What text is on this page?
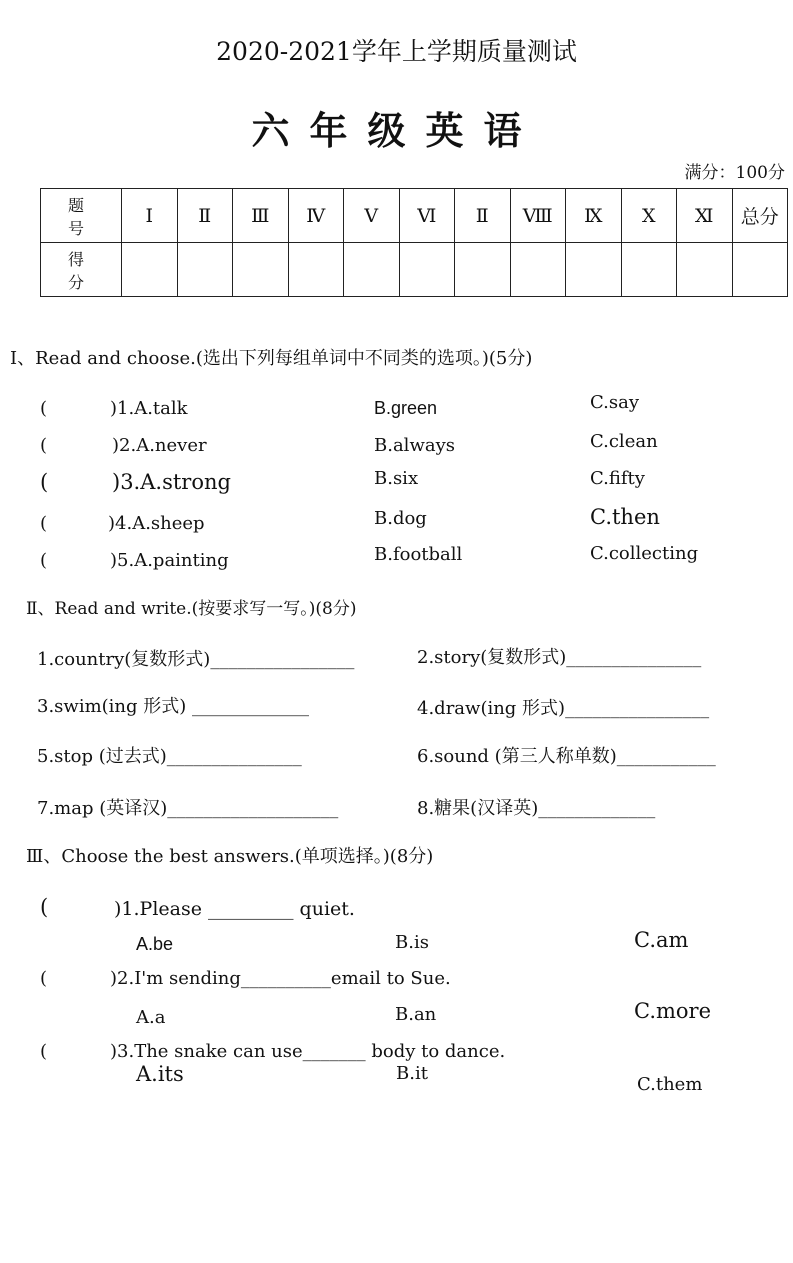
2020-2021学年上学期质量测试
六年级英语
满分：100分
题 号	Ⅰ	Ⅱ	Ⅲ	Ⅳ	Ⅴ	Ⅵ	Ⅱ	Ⅷ	Ⅸ	Ⅹ	Ⅺ	总分
得 分												
Ⅰ、Read and choose.(选出下列每组单词中不同类的选项。)(5分)
(	)1.A.talk	B.green	C.say
(	)2.A.never	B.always	C.clean
(	)3.A.strong	B.six	C.fifty
(	)4.A.sheep	B.dog	C.then
(	)5.A.painting	B.football	C.collecting
Ⅱ、Read and write.(按要求写一写。)(8分)
1.country(复数形式)________________	2.story(复数形式)_______________
3.swim(ing 形式) _____________	4.draw(ing 形式)________________
5.stop (过去式)_______________	6.sound (第三人称单数)___________
7.map (英译汉)___________________	8.糖果(汉译英)_____________
Ⅲ、Choose the best answers.(单项选择。)(8分)
(	)1.Please _________ quiet.
A.be	B.is	C.am
(	)2.I'm sending__________email to Sue.
A.a	B.an	C.more
(	)3.The snake can use_______ body to dance.
A.its	B.it
C.them
